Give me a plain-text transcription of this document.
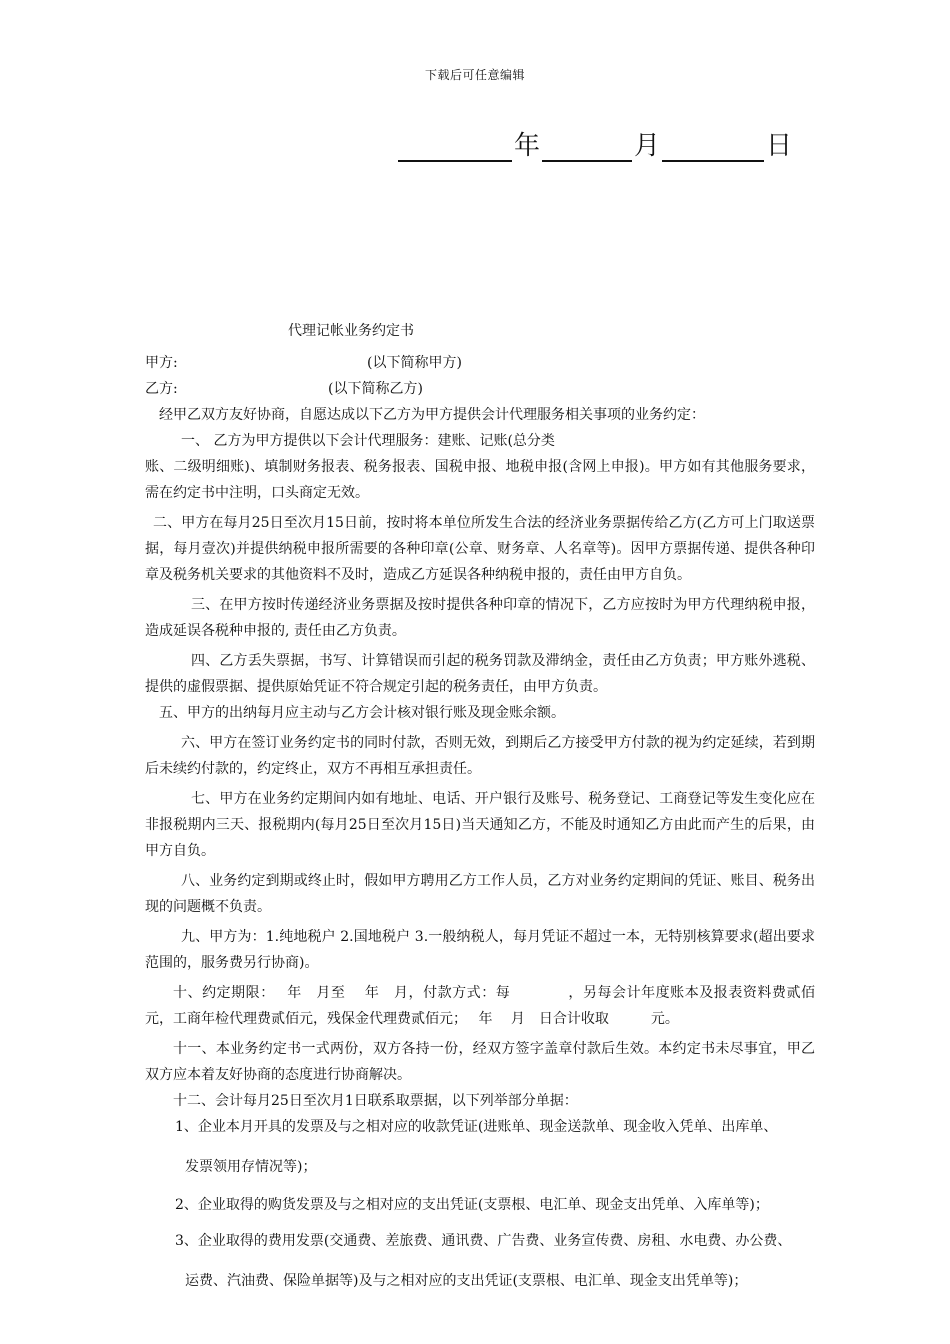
下载后可任意编辑
年	月	日
代理记帐业务约定书
甲方:	(以下简称甲方)
乙方:	(以下简称乙方)

经甲乙双方友好协商，自愿达成以下乙方为甲方提供会计代理服务相关事项的业务约定：

一、 乙方为甲方提供以下会计代理服务：建账、记账(总分类

账、二级明细账)、填制财务报表、税务报表、国税申报、地税申报(含网上申报)。甲方如有其他服务要求，需在约定书中注明，口头商定无效。

二、甲方在每月25日至次月15日前，按时将本单位所发生合法的经济业务票据传给乙方(乙方可上门取送票据，每月壹次)并提供纳税申报所需要的各种印章(公章、财务章、人名章等)。因甲方票据传递、提供各种印章及税务机关要求的其他资料不及时，造成乙方延误各种纳税申报的，责任由甲方自负。

三、在甲方按时传递经济业务票据及按时提供各种印章的情况下，乙方应按时为甲方代理纳税申报，造成延误各税种申报的, 责任由乙方负责。

四、乙方丢失票据，书写、计算错误而引起的税务罚款及滞纳金，责任由乙方负责；甲方账外逃税、提供的虚假票据、提供原始凭证不符合规定引起的税务责任，由甲方负责。

五、甲方的出纳每月应主动与乙方会计核对银行账及现金账余额。

六、甲方在签订业务约定书的同时付款，否则无效，到期后乙方接受甲方付款的视为约定延续，若到期后未续约付款的，约定终止，双方不再相互承担责任。

七、甲方在业务约定期间内如有地址、电话、开户银行及账号、税务登记、工商登记等发生变化应在非报税期内三天、报税期内(每月25日至次月15日)当天通知乙方，不能及时通知乙方由此而产生的后果，由甲方自负。

八、业务约定到期或终止时，假如甲方聘用乙方工作人员，乙方对业务约定期间的凭证、账目、税务出现的问题概不负责。

九、甲方为：1.纯地税户 2.国地税户 3.一般纳税人，每月凭证不超过一本，无特别核算要求(超出要求范围的，服务费另行协商)。

十、约定期限：　 年　月至　 年　月，付款方式：每　　　　，另每会计年度账本及报表资料费贰佰元，工商年检代理费贰佰元，残保金代理费贰佰元；　 年　 月　日合计收取　　　元。

十一、本业务约定书一式两份，双方各持一份，经双方签字盖章付款后生效。本约定书未尽事宜，甲乙双方应本着友好协商的态度进行协商解决。

十二、会计每月25日至次月1日联系取票据，以下列举部分单据：

1、企业本月开具的发票及与之相对应的收款凭证(进账单、现金送款单、现金收入凭单、出库单、

发票领用存情况等)；

2、企业取得的购货发票及与之相对应的支出凭证(支票根、电汇单、现金支出凭单、入库单等)；

3、企业取得的费用发票(交通费、差旅费、通讯费、广告费、业务宣传费、房租、水电费、办公费、

运费、汽油费、保险单据等)及与之相对应的支出凭证(支票根、电汇单、现金支出凭单等)；
